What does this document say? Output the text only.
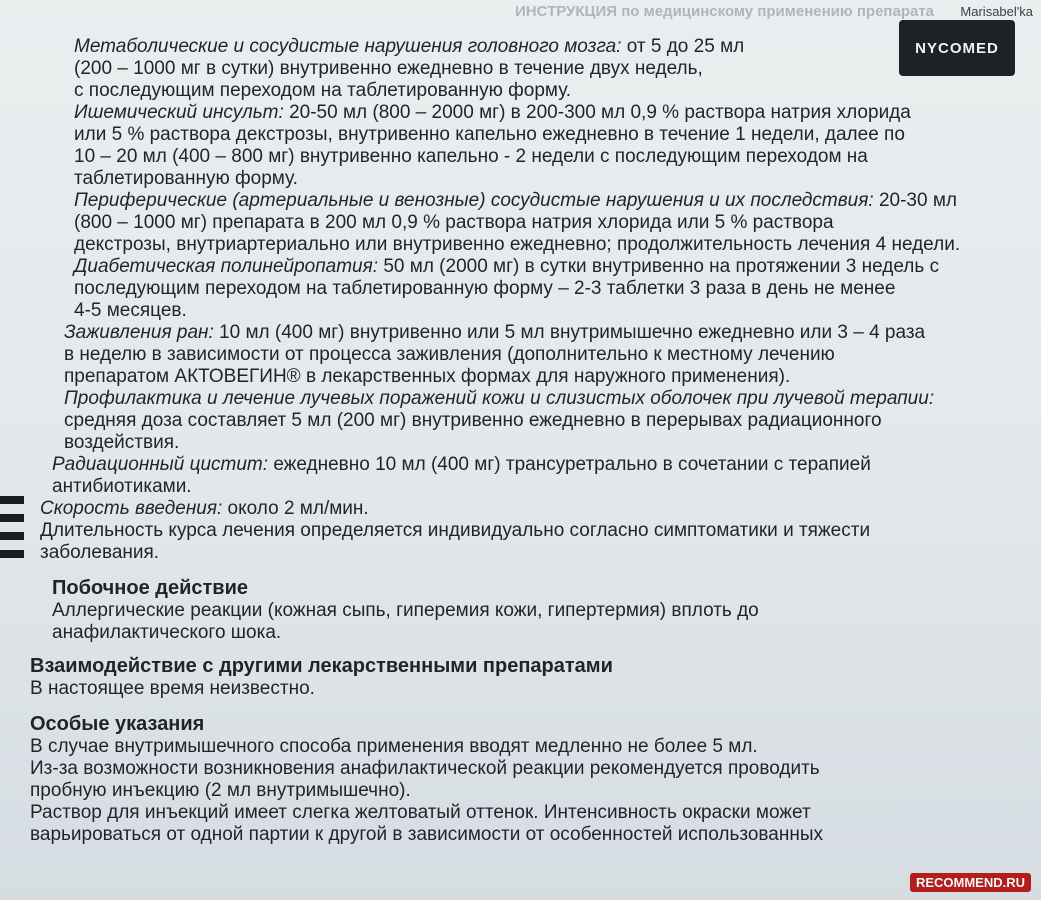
ИНСТРУКЦИЯ по медицинскому применению препарата Marisabel'ka
NYCOMED

Метаболические и сосудистые нарушения головного мозга: от 5 до 25 мл

(200 – 1000 мг в сутки) внутривенно ежедневно в течение двух недель,

с последующим переходом на таблетированную форму.

Ишемический инсульт: 20-50 мл (800 – 2000 мг) в 200-300 мл 0,9 % раствора натрия хлорида

или 5 % раствора декстрозы, внутривенно капельно ежедневно в течение 1 недели, далее по

10 – 20 мл (400 – 800 мг) внутривенно капельно - 2 недели с последующим переходом на

таблетированную форму.

Периферические (артериальные и венозные) сосудистые нарушения и их последствия: 20-30 мл

(800 – 1000 мг) препарата в 200 мл 0,9 % раствора натрия хлорида или 5 % раствора

декстрозы, внутриартериально или внутривенно ежедневно; продолжительность лечения 4 недели.

Диабетическая полинейропатия: 50 мл (2000 мг) в сутки внутривенно на протяжении 3 недель с

последующим переходом на таблетированную форму – 2-3 таблетки 3 раза в день не менее

4-5 месяцев.

Заживления ран: 10 мл (400 мг) внутривенно или 5 мл внутримышечно ежедневно или 3 – 4 раза

в неделю в зависимости от процесса заживления (дополнительно к местному лечению

препаратом АКТОВЕГИН® в лекарственных формах для наружного применения).

Профилактика и лечение лучевых поражений кожи и слизистых оболочек при лучевой терапии:

средняя доза составляет 5 мл (200 мг) внутривенно ежедневно в перерывах радиационного

воздействия.

Радиационный цистит: ежедневно 10 мл (400 мг) трансуретрально в сочетании с терапией

антибиотиками.

Скорость введения: около 2 мл/мин.

Длительность курса лечения определяется индивидуально согласно симптоматики и тяжести

заболевания.

Побочное действие

Аллергические реакции (кожная сыпь, гиперемия кожи, гипертермия) вплоть до

анафилактического шока.

Взаимодействие с другими лекарственными препаратами

В настоящее время неизвестно.

Особые указания

В случае внутримышечного способа применения вводят медленно не более 5 мл.

Из-за возможности возникновения анафилактической реакции рекомендуется проводить

пробную инъекцию (2 мл внутримышечно).

Раствор для инъекций имеет слегка желтоватый оттенок. Интенсивность окраски может

варьироваться от одной партии к другой в зависимости от особенностей использованных

RECOMMEND.RU
